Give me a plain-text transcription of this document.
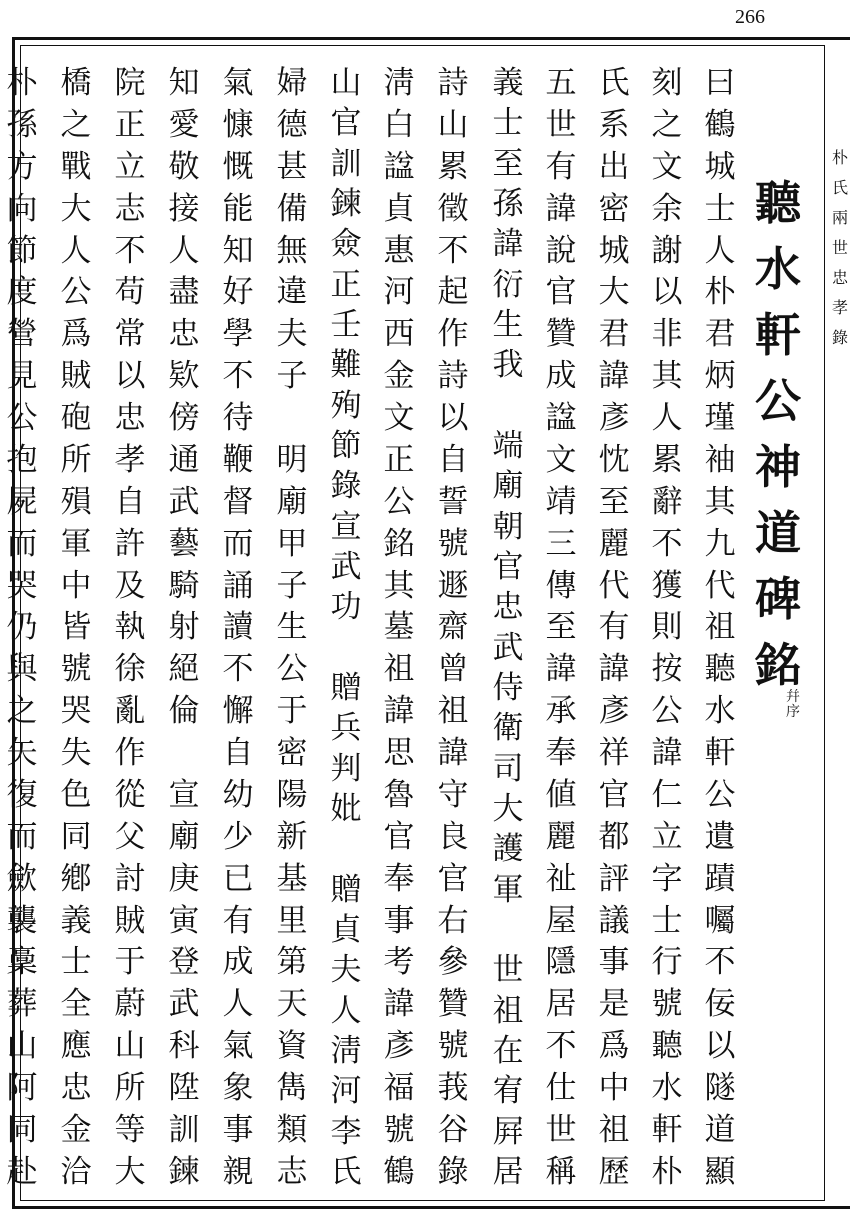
266
曰
鶴
城
士
人
朴
君
炳
瑾
袖
其
九
代
祖
聽
水
軒
公
遺
蹟
囑
不
佞
以
隧
道
顯
刻
之
文
余
謝
以
非
其
人
累
辭
不
獲
則
按
公
諱
仁
立
字
士
行
號
聽
水
軒
朴
氏
系
出
密
城
大
君
諱
彥
忱
至
麗
代
有
諱
彥
祥
官
都
評
議
事
是
爲
中
祖
歷
五
世
有
諱
說
官
贊
成
諡
文
靖
三
傳
至
諱
承
奉
値
麗
祉
屋
隱
居
不
仕
世
稱
義
士
至
孫
諱
衍
生
我
端
廟
朝
官
忠
武
侍
衛
司
大
護
軍
世
祖
在
宥
屛
居
詩
山
累
徵
不
起
作
詩
以
自
誓
號
遯
齋
曾
祖
諱
守
良
官
右
參
贊
號
莪
谷
錄
淸
白
諡
貞
惠
河
西
金
文
正
公
銘
其
墓
祖
諱
思
魯
官
奉
事
考
諱
彥
福
號
鶴
山
官
訓
鍊
僉
正
壬
難
殉
節
錄
宣
武
功
贈
兵
判
妣
贈
貞
夫
人
淸
河
李
氏
婦
德
甚
備
無
違
夫
子
明
廟
甲
子
生
公
于
密
陽
新
基
里
第
天
資
雋
類
志
氣
慷
慨
能
知
好
學
不
待
鞭
督
而
誦
讀
不
懈
自
幼
少
已
有
成
人
氣
象
事
親
知
愛
敬
接
人
盡
忠
欵
傍
通
武
藝
騎
射
絕
倫
宣
廟
庚
寅
登
武
科
陞
訓
鍊
院
正
立
志
不
苟
常
以
忠
孝
自
許
及
執
徐
亂
作
從
父
討
賊
于
蔚
山
所
等
大
橋
之
戰
大
人
公
爲
賊
砲
所
殞
軍
中
皆
號
哭
失
色
同
鄕
義
士
全
應
忠
金
洽
朴
孫
方
向
節
度
營
見
公
抱
屍
而
哭
仍
與
之
矢
復
而
歛
襲
稾
葬
山
阿
同
赴
聽
水
軒
公
神
道
碑
銘
幷
序
朴
氏
兩
世
忠
孝
錄
